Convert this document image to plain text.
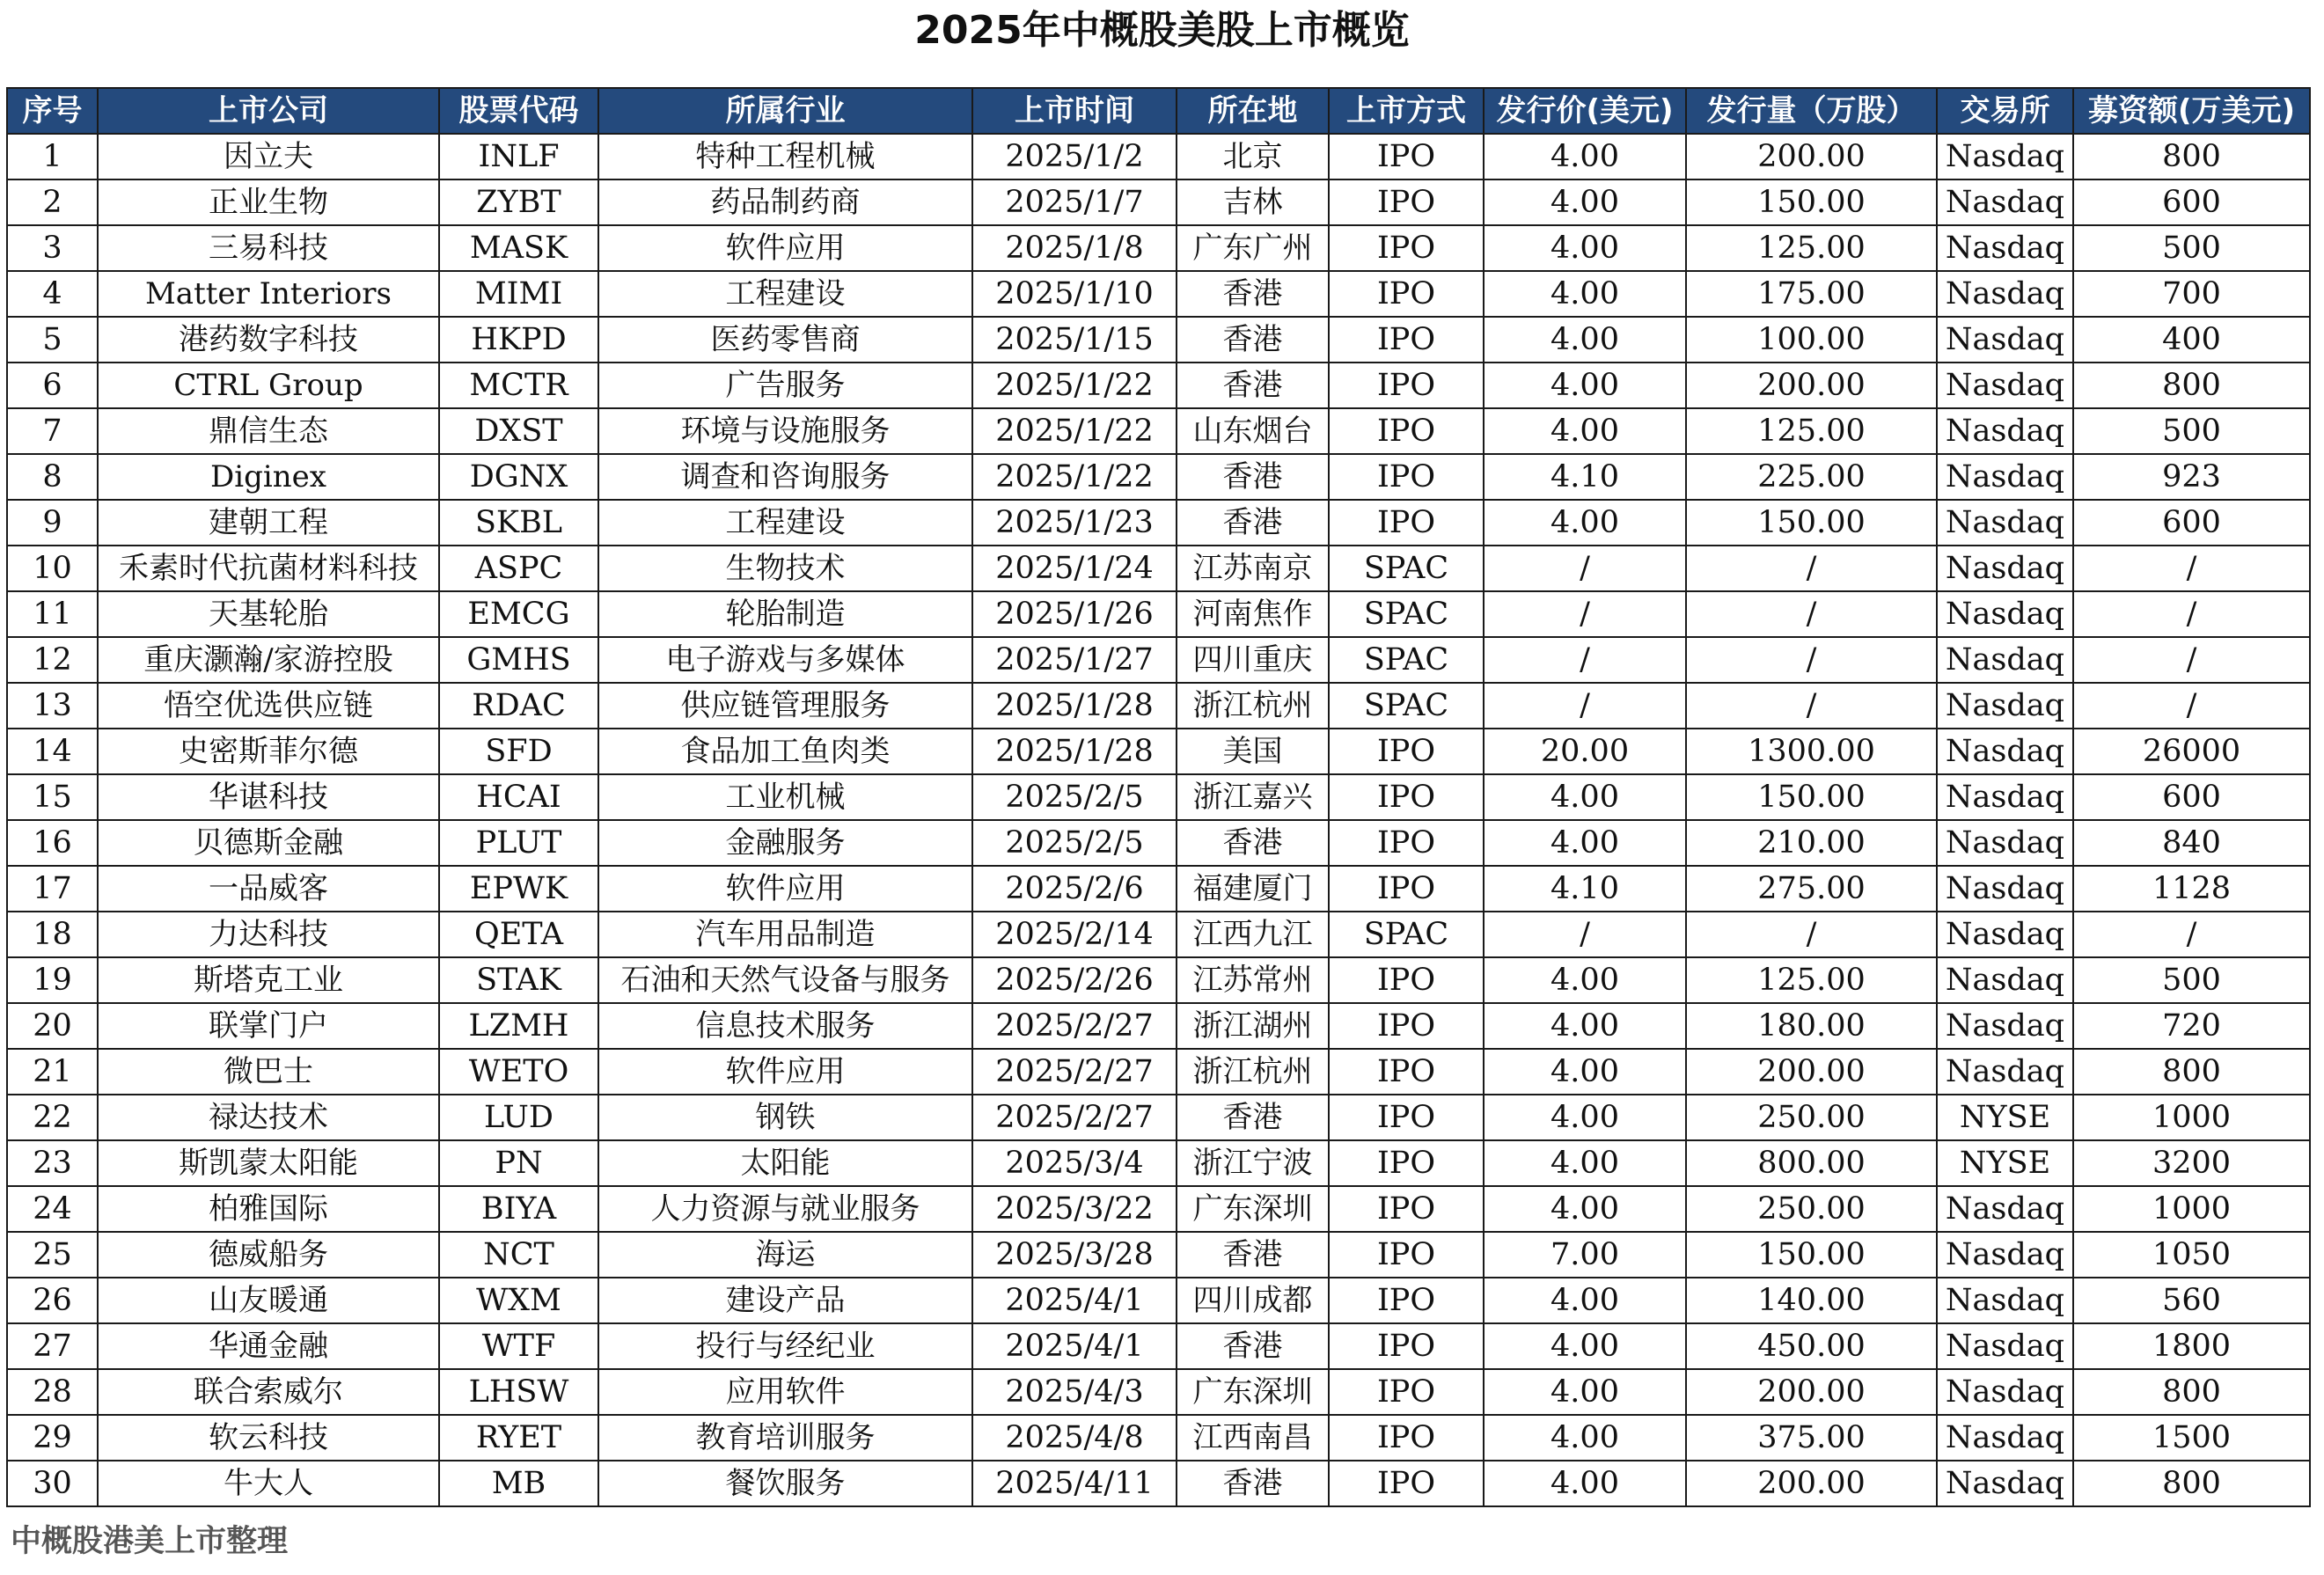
2025年中概股美股上市概览
序号	上市公司	股票代码	所属行业	上市时间	所在地	上市方式	发行价(美元)	发行量（万股）	交易所	募资额(万美元)
1	因立夫	INLF	特种工程机械	2025/1/2	北京	IPO	4.00	200.00	Nasdaq	800
2	正业生物	ZYBT	药品制药商	2025/1/7	吉林	IPO	4.00	150.00	Nasdaq	600
3	三易科技	MASK	软件应用	2025/1/8	广东广州	IPO	4.00	125.00	Nasdaq	500
4	Matter Interiors	MIMI	工程建设	2025/1/10	香港	IPO	4.00	175.00	Nasdaq	700
5	港药数字科技	HKPD	医药零售商	2025/1/15	香港	IPO	4.00	100.00	Nasdaq	400
6	CTRL Group	MCTR	广告服务	2025/1/22	香港	IPO	4.00	200.00	Nasdaq	800
7	鼎信生态	DXST	环境与设施服务	2025/1/22	山东烟台	IPO	4.00	125.00	Nasdaq	500
8	Diginex	DGNX	调查和咨询服务	2025/1/22	香港	IPO	4.10	225.00	Nasdaq	923
9	建朝工程	SKBL	工程建设	2025/1/23	香港	IPO	4.00	150.00	Nasdaq	600
10	禾素时代抗菌材料科技	ASPC	生物技术	2025/1/24	江苏南京	SPAC	/	/	Nasdaq	/
11	天基轮胎	EMCG	轮胎制造	2025/1/26	河南焦作	SPAC	/	/	Nasdaq	/
12	重庆灏瀚/家游控股	GMHS	电子游戏与多媒体	2025/1/27	四川重庆	SPAC	/	/	Nasdaq	/
13	悟空优选供应链	RDAC	供应链管理服务	2025/1/28	浙江杭州	SPAC	/	/	Nasdaq	/
14	史密斯菲尔德	SFD	食品加工鱼肉类	2025/1/28	美国	IPO	20.00	1300.00	Nasdaq	26000
15	华谌科技	HCAI	工业机械	2025/2/5	浙江嘉兴	IPO	4.00	150.00	Nasdaq	600
16	贝德斯金融	PLUT	金融服务	2025/2/5	香港	IPO	4.00	210.00	Nasdaq	840
17	一品威客	EPWK	软件应用	2025/2/6	福建厦门	IPO	4.10	275.00	Nasdaq	1128
18	力达科技	QETA	汽车用品制造	2025/2/14	江西九江	SPAC	/	/	Nasdaq	/
19	斯塔克工业	STAK	石油和天然气设备与服务	2025/2/26	江苏常州	IPO	4.00	125.00	Nasdaq	500
20	联掌门户	LZMH	信息技术服务	2025/2/27	浙江湖州	IPO	4.00	180.00	Nasdaq	720
21	微巴士	WETO	软件应用	2025/2/27	浙江杭州	IPO	4.00	200.00	Nasdaq	800
22	禄达技术	LUD	钢铁	2025/2/27	香港	IPO	4.00	250.00	NYSE	1000
23	斯凯蒙太阳能	PN	太阳能	2025/3/4	浙江宁波	IPO	4.00	800.00	NYSE	3200
24	柏雅国际	BIYA	人力资源与就业服务	2025/3/22	广东深圳	IPO	4.00	250.00	Nasdaq	1000
25	德威船务	NCT	海运	2025/3/28	香港	IPO	7.00	150.00	Nasdaq	1050
26	山友暖通	WXM	建设产品	2025/4/1	四川成都	IPO	4.00	140.00	Nasdaq	560
27	华通金融	WTF	投行与经纪业	2025/4/1	香港	IPO	4.00	450.00	Nasdaq	1800
28	联合索威尔	LHSW	应用软件	2025/4/3	广东深圳	IPO	4.00	200.00	Nasdaq	800
29	软云科技	RYET	教育培训服务	2025/4/8	江西南昌	IPO	4.00	375.00	Nasdaq	1500
30	牛大人	MB	餐饮服务	2025/4/11	香港	IPO	4.00	200.00	Nasdaq	800
中概股港美上市整理
